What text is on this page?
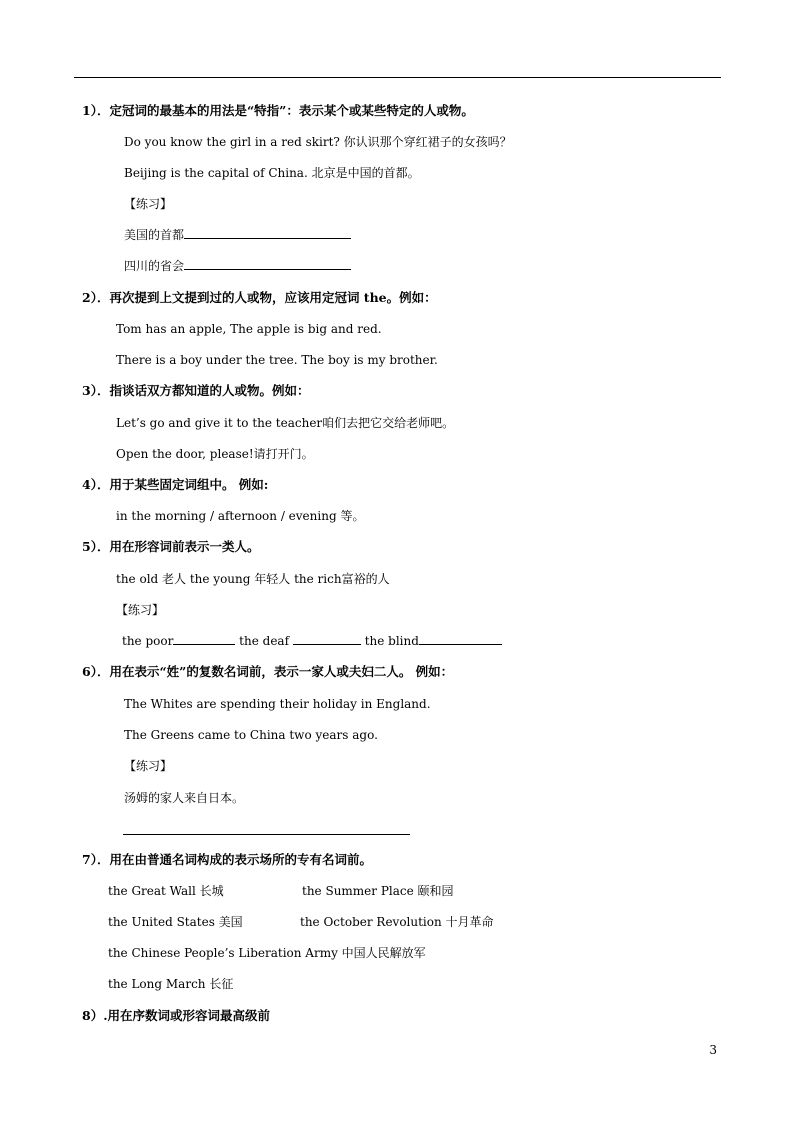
1）．定冠词的最基本的用法是“特指”：表示某个或某些特定的人或物。
Do you know the girl in a red skirt? 你认识那个穿红裙子的女孩吗？
Beijing is the capital of China. 北京是中国的首都。
【练习】
美国的首都
四川的省会
2）．再次提到上文提到过的人或物，应该用定冠词 the。例如：
Tom has an apple, The apple is big and red.
There is a boy under the tree. The boy is my brother.
3）．指谈话双方都知道的人或物。例如：
Let’s go and give it to the teacher咱们去把它交给老师吧。
Open the door, please!请打开门。
4）．用于某些固定词组中。 例如:
in the morning / afternoon / evening 等。
5）．用在形容词前表示一类人。
the old 老人 the young 年轻人 the rich富裕的人
【练习】
the poor	the deaf	the blind
6）．用在表示“姓”的复数名词前，表示一家人或夫妇二人。 例如：
The Whites are spending their holiday in England.
The Greens came to China two years ago.
【练习】
汤姆的家人来自日本。
7）．用在由普通名词构成的表示场所的专有名词前。
the Great Wall 长城	the Summer Place 颐和园
the United States 美国	the October Revolution 十月革命
the Chinese People’s Liberation Army 中国人民解放军
the Long March 长征
8）.用在序数词或形容词最高级前
3
